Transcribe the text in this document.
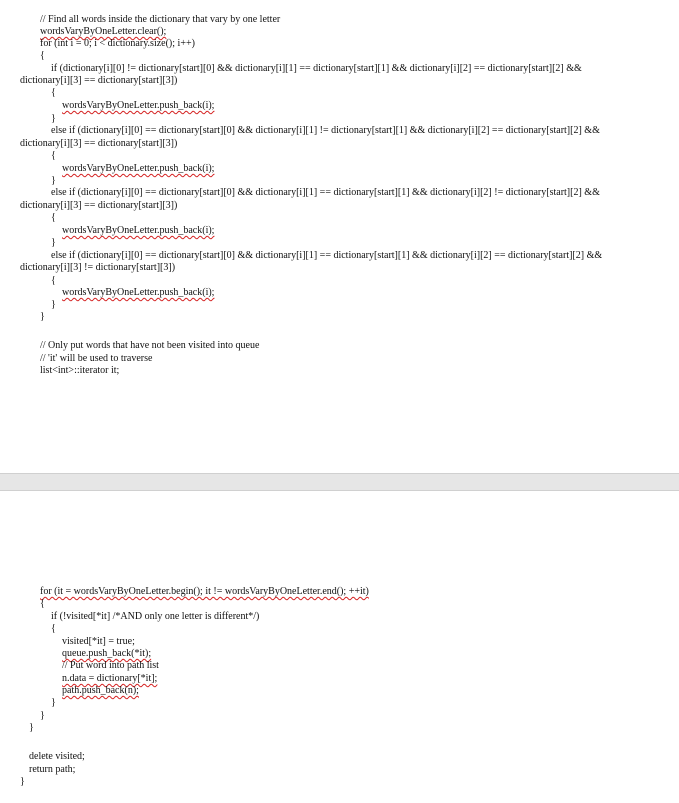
// Find all words inside the dictionary that vary by one letter
wordsVaryByOneLetter.clear();
for (int i = 0; i < dictionary.size(); i++)
{
if (dictionary[i][0] != dictionary[start][0] && dictionary[i][1] == dictionary[start][1] && dictionary[i][2] == dictionary[start][2] &&
dictionary[i][3] == dictionary[start][3])
{
wordsVaryByOneLetter.push_back(i);
}
else if (dictionary[i][0] == dictionary[start][0] && dictionary[i][1] != dictionary[start][1] && dictionary[i][2] == dictionary[start][2] &&
dictionary[i][3] == dictionary[start][3])
{
wordsVaryByOneLetter.push_back(i);
}
else if (dictionary[i][0] == dictionary[start][0] && dictionary[i][1] == dictionary[start][1] && dictionary[i][2] != dictionary[start][2] &&
dictionary[i][3] == dictionary[start][3])
{
wordsVaryByOneLetter.push_back(i);
}
else if (dictionary[i][0] == dictionary[start][0] && dictionary[i][1] == dictionary[start][1] && dictionary[i][2] == dictionary[start][2] &&
dictionary[i][3] != dictionary[start][3])
{
wordsVaryByOneLetter.push_back(i);
}
}
// Only put words that have not been visited into queue
// 'it' will be used to traverse
list<int>::iterator it;
for (it = wordsVaryByOneLetter.begin(); it != wordsVaryByOneLetter.end(); ++it)
{
if (!visited[*it] /*AND only one letter is different*/)
{
visited[*it] = true;
queue.push_back(*it);
// Put word into path list
n.data = dictionary[*it];
path.push_back(n);
}
}
}
delete visited;
return path;
}
